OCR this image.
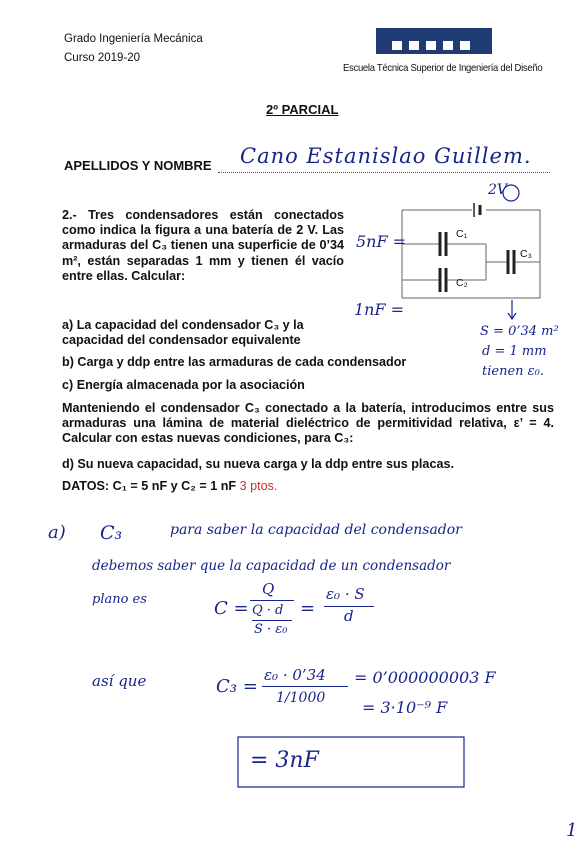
Grado Ingeniería Mecánica
Curso 2019-20
Escuela Técnica Superior de Ingeniería del Diseño
2º PARCIAL
APELLIDOS Y NOMBRE Cano Estanislao Guillem.
2.- Tres condensadores están conectados como indica la figura a una batería de 2 V. Las armaduras del C₃ tienen una superficie de 0’34 m², están separadas 1 mm y tienen él vacío entre ellas. Calcular:
a) La capacidad del condensador C₃ y la capacidad del condensador equivalente
b) Carga y ddp entre las armaduras de cada condensador
c) Energía almacenada por la asociación
Manteniendo el condensador C₃ conectado a la batería, introducimos entre sus armaduras una lámina de material dieléctrico de permitividad relativa, ε’ = 4. Calcular con estas nuevas condiciones, para C₃:
d) Su nueva capacidad, su nueva carga y la ddp entre sus placas.
DATOS: C₁ = 5 nF y C₂ = 1 nF 3 ptos.
C₁
C₂
C₃
2V
5nF =
1nF =
S = 0’34 m²
d = 1 mm
tienen ε₀.
a) C₃	para saber la capacidad del condensador
debemos saber que la capacidad de un condensador
plano es	C =
Q
Q · d
S · ε₀
=
ε₀ · S
d
así que	C₃ =
ε₀ · 0’34
1/1000
= 0’000000003 F
= 3·10⁻⁹ F
= 3nF
1
